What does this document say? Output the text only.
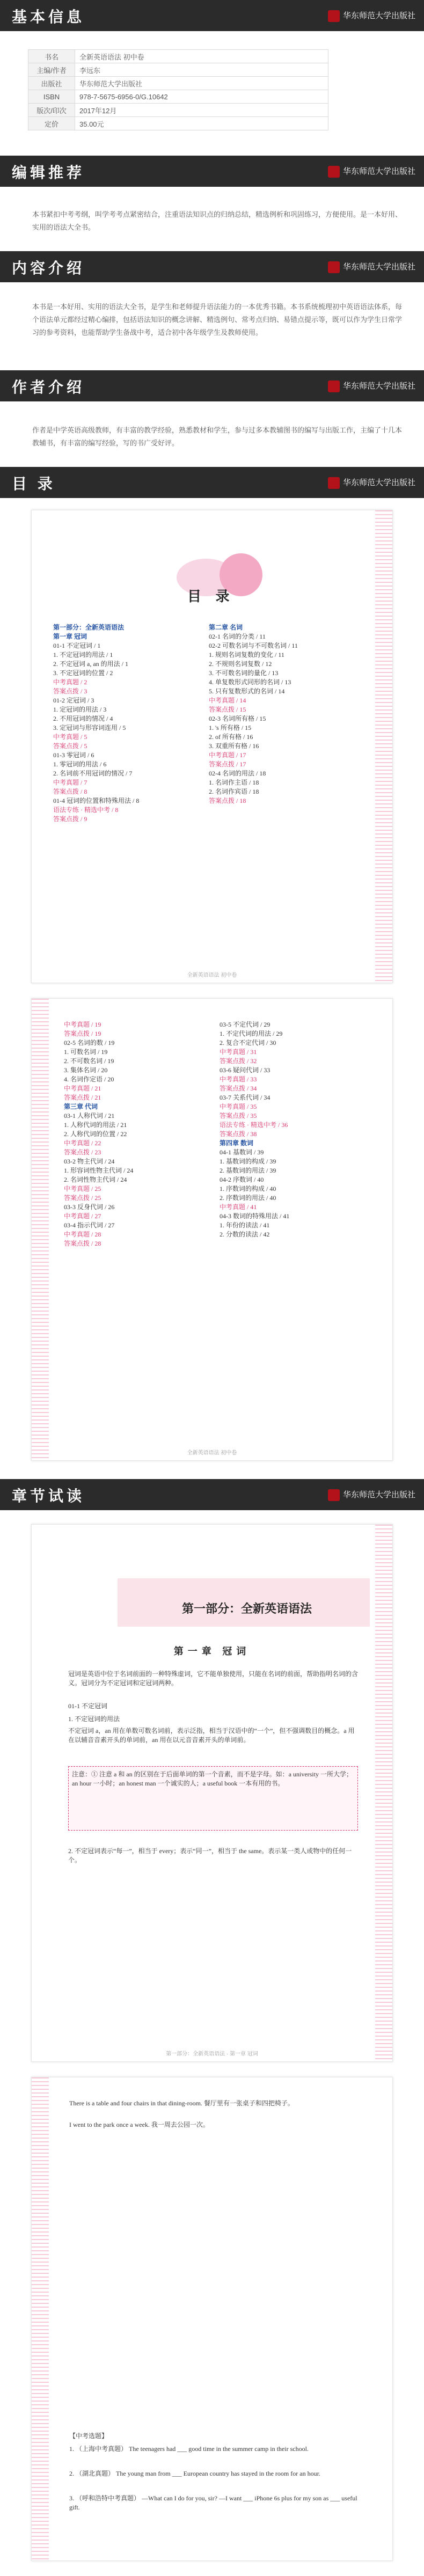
基本信息	华东师范大学出版社
书名	全新英语语法 初中卷
主编/作者	李远东
出版社	华东师范大学出版社
ISBN	978-7-5675-6956-0/G.10642
版次/印次	2017年12月
定价	35.00元
编辑推荐	华东师范大学出版社
本书紧扣中考考纲，叫学考考点紧密结合，注重语法知识点的归纳总结，精选例析和巩固练习，方便使用。是一本好用、实用的语法大全书。
内容介绍	华东师范大学出版社
本书是一本好用、实用的语法大全书，是学生和老师提升语法能力的一本优秀书籍。本书系统梳理初中英语语法体系，每个语法单元都经过精心编排，包括语法知识的概念讲解、精选例句、常考点归纳、易错点提示等，既可以作为学生日常学习的参考资料，也能帮助学生备战中考，适合初中各年级学生及教师使用。
作者介绍	华东师范大学出版社
作者是中学英语高级教师，有丰富的教学经验，熟悉教材和学生，参与过多本教辅图书的编写与出版工作，主编了十几本教辅书，有丰富的编写经验，写的书广受好评。
目 录	华东师范大学出版社
目 录
第一部分：全新英语语法
第一章 冠词
01-1 不定冠词 / 1
1. 不定冠词的用法 / 1
2. 不定冠词 a, an 的用法 / 1
3. 不定冠词的位置 / 2
中考真题 / 2
答案点拨 / 3
01-2 定冠词 / 3
1. 定冠词的用法 / 3
2. 不用冠词的情况 / 4
3. 定冠词与形容词连用 / 5
中考真题 / 5
答案点拨 / 5
01-3 零冠词 / 6
1. 零冠词的用法 / 6
2. 名词前不用冠词的情况 / 7
中考真题 / 7
答案点拨 / 8
01-4 冠词的位置和特殊用法 / 8
语法专练 · 精选中考 / 8
答案点拨 / 9
第二章 名词
02-1 名词的分类 / 11
02-2 可数名词与不可数名词 / 11
1. 规则名词复数的变化 / 11
2. 不规则名词复数 / 12
3. 不可数名词的量化 / 13
4. 单复数形式同形的名词 / 13
5. 只有复数形式的名词 / 14
中考真题 / 14
答案点拨 / 15
02-3 名词所有格 / 15
1. 's 所有格 / 15
2. of 所有格 / 16
3. 双重所有格 / 16
中考真题 / 17
答案点拨 / 17
02-4 名词的用法 / 18
1. 名词作主语 / 18
2. 名词作宾语 / 18
答案点拨 / 18
全新英语语法 初中卷
中考真题 / 19
答案点拨 / 19
02-5 名词的数 / 19
1. 可数名词 / 19
2. 不可数名词 / 19
3. 集体名词 / 20
4. 名词作定语 / 20
中考真题 / 21
答案点拨 / 21
第三章 代词
03-1 人称代词 / 21
1. 人称代词的用法 / 21
2. 人称代词的位置 / 22
中考真题 / 22
答案点拨 / 23
03-2 物主代词 / 24
1. 形容词性物主代词 / 24
2. 名词性物主代词 / 24
中考真题 / 25
答案点拨 / 25
03-3 反身代词 / 26
中考真题 / 27
03-4 指示代词 / 27
中考真题 / 28
答案点拨 / 28
03-5 不定代词 / 29
1. 不定代词的用法 / 29
2. 复合不定代词 / 30
中考真题 / 31
答案点拨 / 32
03-6 疑问代词 / 33
中考真题 / 33
答案点拨 / 34
03-7 关系代词 / 34
中考真题 / 35
答案点拨 / 35
语法专练 · 精选中考 / 36
答案点拨 / 38
第四章 数词
04-1 基数词 / 39
1. 基数词的构成 / 39
2. 基数词的用法 / 39
04-2 序数词 / 40
1. 序数词的构成 / 40
2. 序数词的用法 / 40
中考真题 / 41
04-3 数词的特殊用法 / 41
1. 年份的读法 / 41
2. 分数的读法 / 42
全新英语语法 初中卷
章节试读	华东师范大学出版社
第一部分：全新英语语法
第一章 冠词
冠词是英语中位于名词前面的一种特殊虚词，它不能单独使用，只能在名词的前面，帮助指明名词的含义。冠词分为不定冠词和定冠词两种。
01-1 不定冠词
1. 不定冠词的用法
不定冠词 a，an 用在单数可数名词前，表示泛指，相当于汉语中的“一个”，但不强调数目的概念。a 用在以辅音音素开头的单词前，an 用在以元音音素开头的单词前。
注意：① 注意 a 和 an 的区别在于后面单词的第一个音素，而不是字母。如：a university 一所大学；an hour 一小时；an honest man 一个诚实的人；a useful book 一本有用的书。
2. 不定冠词表示“每一”，相当于 every；表示“同一”，相当于 the same。表示某一类人或物中的任何一个。
第一部分：全新英语语法 · 第一章 冠词
There is a table and four chairs in that dining-room. 餐厅里有一张桌子和四把椅子。
I went to the park once a week. 我一周去公园一次。
【中考选题】
1. （上海中考真题） The teenagers had ___ good time in the summer camp in their school.
2. （湖北真题） The young man from ___ European country has stayed in the room for an hour.
3. （呼和浩特中考真题） —What can I do for you, sir? —I want ___ iPhone 6s plus for my son as ___ useful gift.
